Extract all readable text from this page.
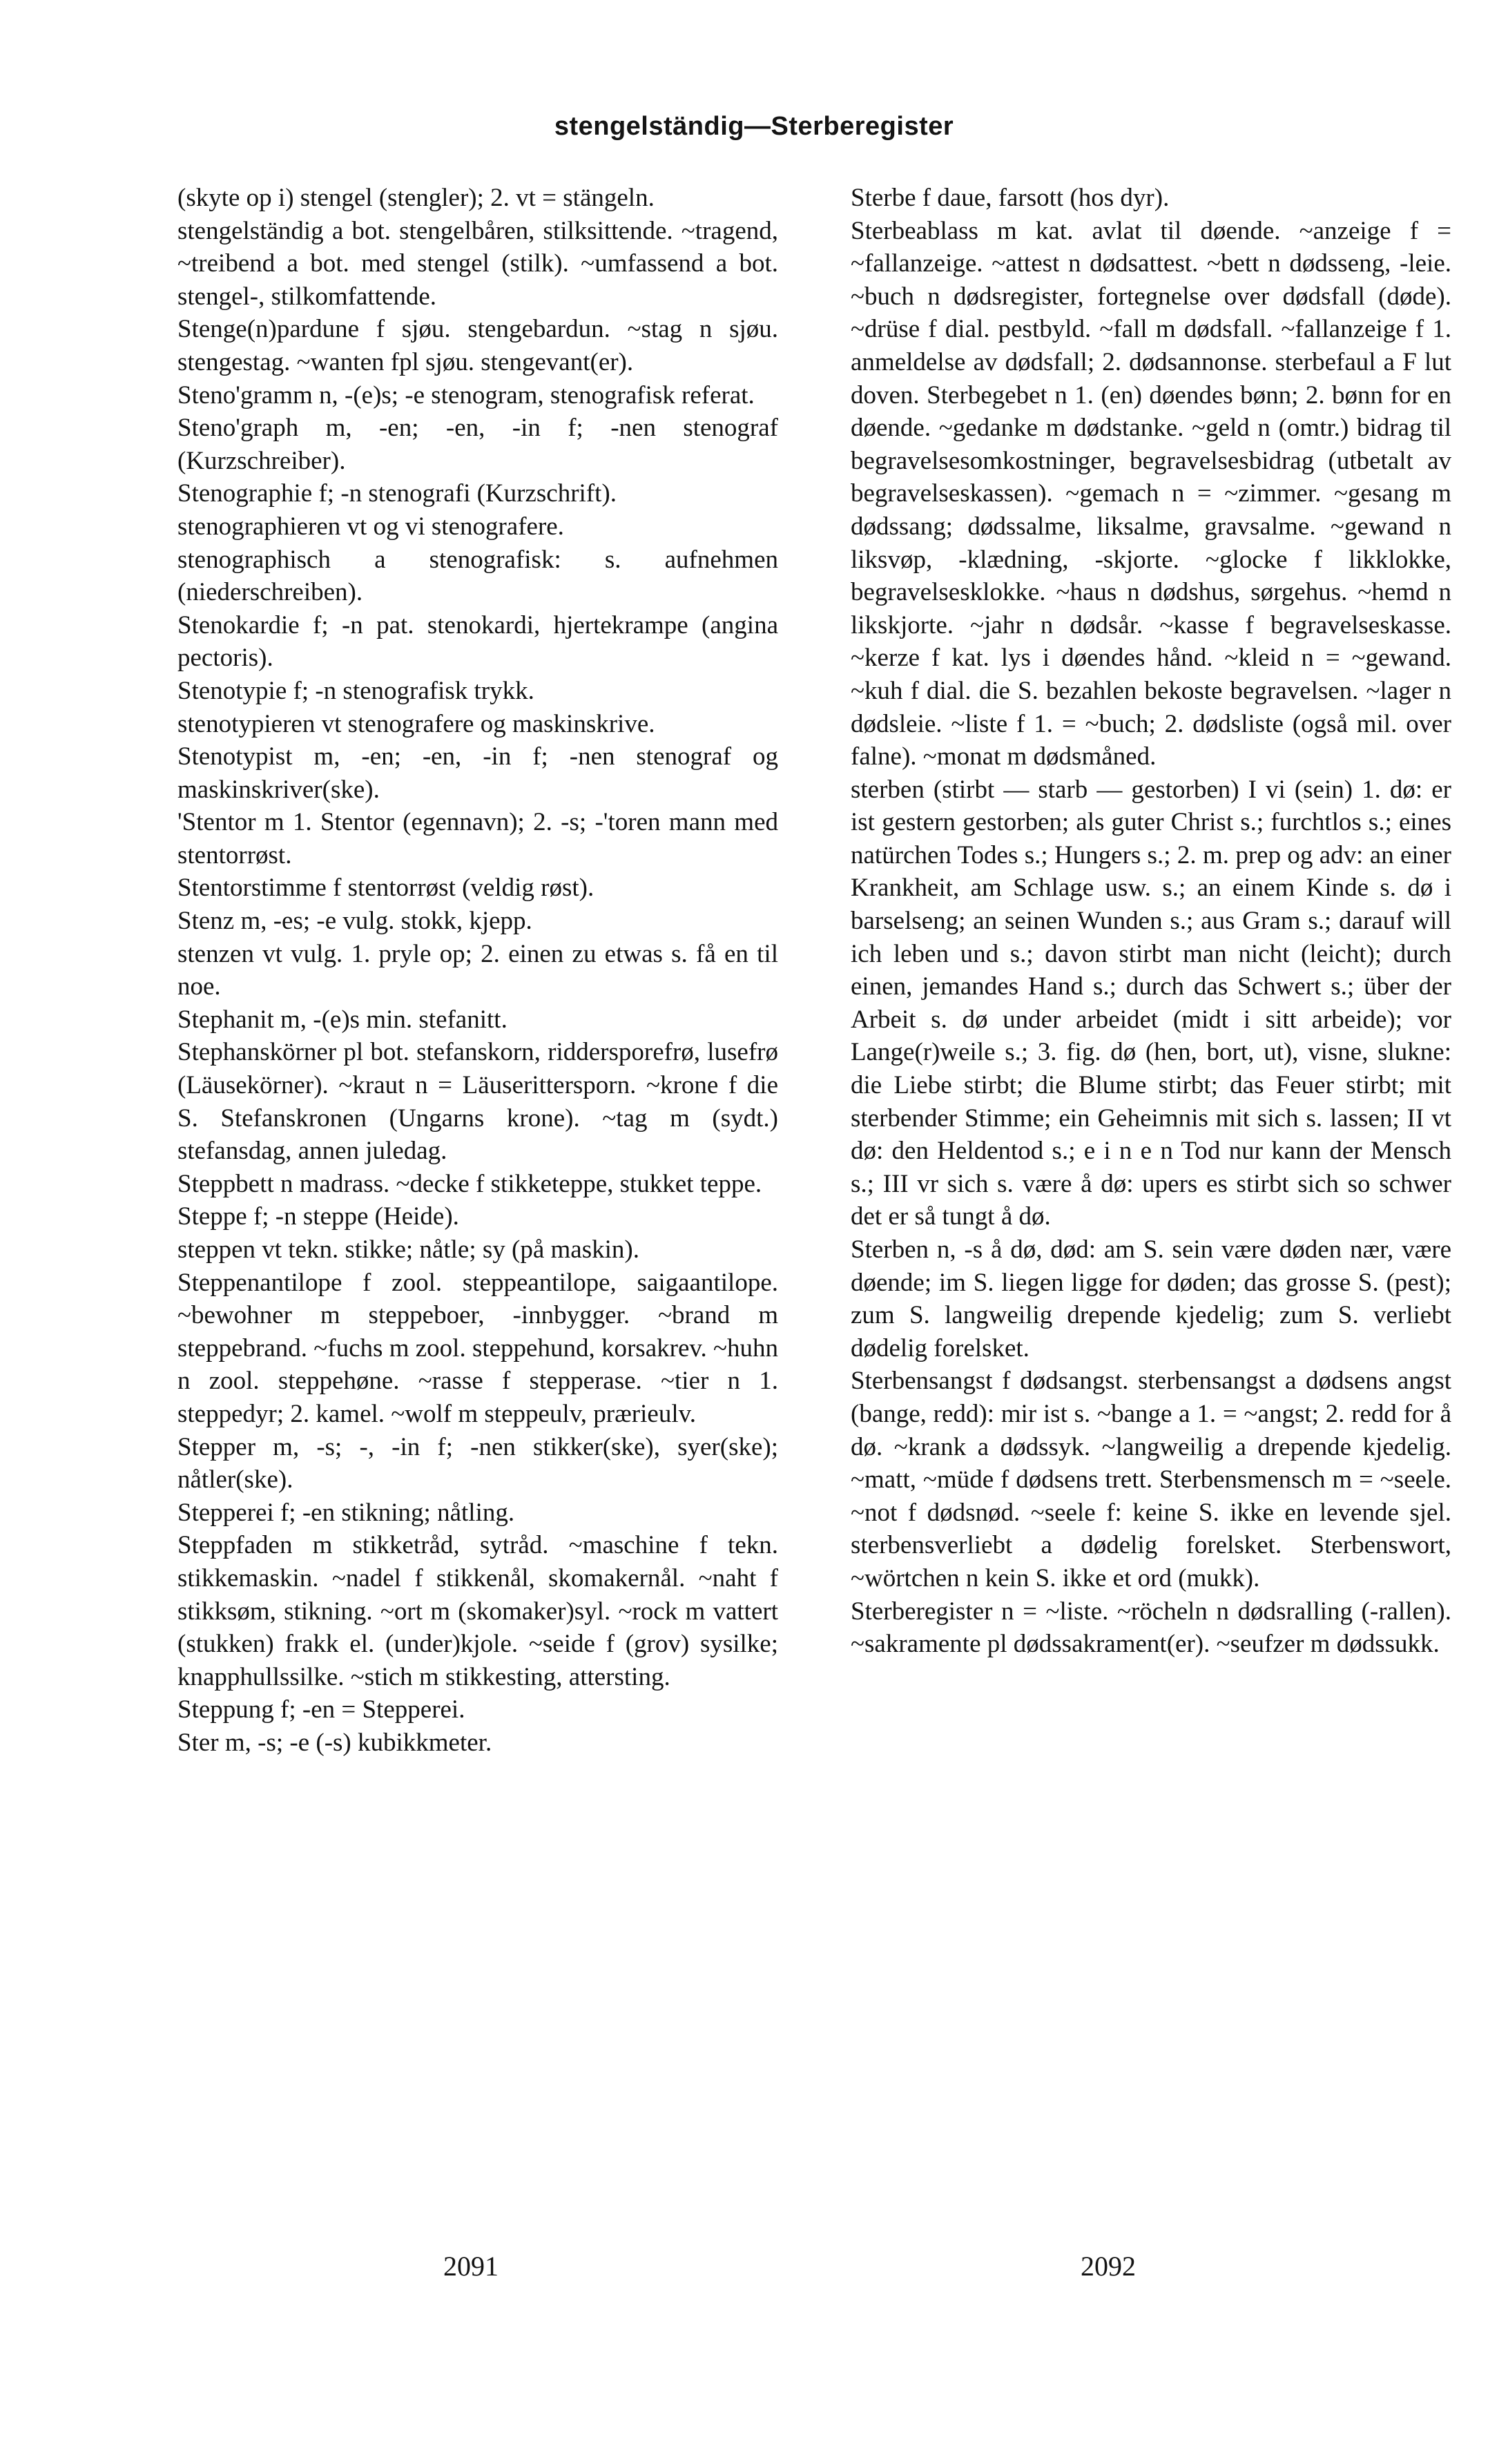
stengelständig—Sterberegister

(skyte op i) stengel (stengler); 2. vt = stängeln.

stengelständig a bot. stengelbåren, stilksittende. ~tragend, ~treibend a bot. med stengel (stilk). ~umfassend a bot. stengel-, stilkomfattende.

Stenge(n)pardune f sjøu. stengebardun. ~stag n sjøu. stengestag. ~wanten fpl sjøu. stengevant(er).

Steno'gramm n, -(e)s; -e stenogram, stenografisk referat.

Steno'graph m, -en; -en, -in f; -nen stenograf (Kurzschreiber).

Stenographie f; -n stenografi (Kurzschrift).

stenographieren vt og vi stenografere.

stenographisch a stenografisk: s. aufnehmen (niederschreiben).

Stenokardie f; -n pat. stenokardi, hjertekrampe (angina pectoris).

Stenotypie f; -n stenografisk trykk.

stenotypieren vt stenografere og maskinskrive.

Stenotypist m, -en; -en, -in f; -nen stenograf og maskinskriver(ske).

'Stentor m 1. Stentor (egennavn); 2. -s; -'toren mann med stentorrøst.

Stentorstimme f stentorrøst (veldig røst).

Stenz m, -es; -e vulg. stokk, kjepp.

stenzen vt vulg. 1. pryle op; 2. einen zu etwas s. få en til noe.

Stephanit m, -(e)s min. stefanitt.

Stephanskörner pl bot. stefanskorn, riddersporefrø, lusefrø (Läusekörner). ~kraut n = Läuserittersporn. ~krone f die S. Stefanskronen (Ungarns krone). ~tag m (sydt.) stefansdag, annen juledag.

Steppbett n madrass. ~decke f stikketeppe, stukket teppe.

Steppe f; -n steppe (Heide).

steppen vt tekn. stikke; nåtle; sy (på maskin).

Steppenantilope f zool. steppeantilope, saigaantilope. ~bewohner m steppeboer, -innbygger. ~brand m steppebrand. ~fuchs m zool. steppehund, korsakrev. ~huhn n zool. steppehøne. ~rasse f stepperase. ~tier n 1. steppedyr; 2. kamel. ~wolf m steppeulv, prærieulv.

Stepper m, -s; -, -in f; -nen stikker(ske), syer(ske); nåtler(ske).

Stepperei f; -en stikning; nåtling.

Steppfaden m stikketråd, sytråd. ~maschine f tekn. stikkemaskin. ~nadel f stikkenål, skomakernål. ~naht f stikksøm, stikning. ~ort m (skomaker)syl. ~rock m vattert (stukken) frakk el. (under)kjole. ~seide f (grov) sysilke; knapphullssilke. ~stich m stikkesting, attersting.

Steppung f; -en = Stepperei.

Ster m, -s; -e (-s) kubikkmeter.

Sterbe f daue, farsott (hos dyr).

Sterbeablass m kat. avlat til døende. ~anzeige f = ~fallanzeige. ~attest n dødsattest. ~bett n dødsseng, -leie. ~buch n dødsregister, fortegnelse over dødsfall (døde). ~drüse f dial. pestbyld. ~fall m dødsfall. ~fallanzeige f 1. anmeldelse av dødsfall; 2. dødsannonse. sterbefaul a F lut doven. Sterbegebet n 1. (en) døendes bønn; 2. bønn for en døende. ~gedanke m dødstanke. ~geld n (omtr.) bidrag til begravelsesomkostninger, begravelsesbidrag (utbetalt av begravelseskassen). ~gemach n = ~zimmer. ~gesang m dødssang; dødssalme, liksalme, gravsalme. ~gewand n liksvøp, -klædning, -skjorte. ~glocke f likklokke, begravelsesklokke. ~haus n dødshus, sørgehus. ~hemd n likskjorte. ~jahr n dødsår. ~kasse f begravelseskasse. ~kerze f kat. lys i døendes hånd. ~kleid n = ~gewand. ~kuh f dial. die S. bezahlen bekoste begravelsen. ~lager n dødsleie. ~liste f 1. = ~buch; 2. dødsliste (også mil. over falne). ~monat m dødsmåned.

sterben (stirbt — starb — gestorben) I vi (sein) 1. dø: er ist gestern gestorben; als guter Christ s.; furchtlos s.; eines natürchen Todes s.; Hungers s.; 2. m. prep og adv: an einer Krankheit, am Schlage usw. s.; an einem Kinde s. dø i barselseng; an seinen Wunden s.; aus Gram s.; darauf will ich leben und s.; davon stirbt man nicht (leicht); durch einen, jemandes Hand s.; durch das Schwert s.; über der Arbeit s. dø under arbeidet (midt i sitt arbeide); vor Lange(r)weile s.; 3. fig. dø (hen, bort, ut), visne, slukne: die Liebe stirbt; die Blume stirbt; das Feuer stirbt; mit sterbender Stimme; ein Geheimnis mit sich s. lassen; II vt dø: den Heldentod s.; e i n e n Tod nur kann der Mensch s.; III vr sich s. være å dø: upers es stirbt sich so schwer det er så tungt å dø.

Sterben n, -s å dø, død: am S. sein være døden nær, være døende; im S. liegen ligge for døden; das grosse S. (pest); zum S. langweilig drepende kjedelig; zum S. verliebt dødelig forelsket.

Sterbensangst f dødsangst. sterbensangst a dødsens angst (bange, redd): mir ist s. ~bange a 1. = ~angst; 2. redd for å dø. ~krank a dødssyk. ~langweilig a drepende kjedelig. ~matt, ~müde f dødsens trett. Sterbensmensch m = ~seele. ~not f dødsnød. ~seele f: keine S. ikke en levende sjel. sterbensverliebt a dødelig forelsket. Sterbenswort, ~wörtchen n kein S. ikke et ord (mukk).

Sterberegister n = ~liste. ~röcheln n dødsralling (-rallen). ~sakramente pl dødssakrament(er). ~seufzer m dødssukk.

2091	2092
